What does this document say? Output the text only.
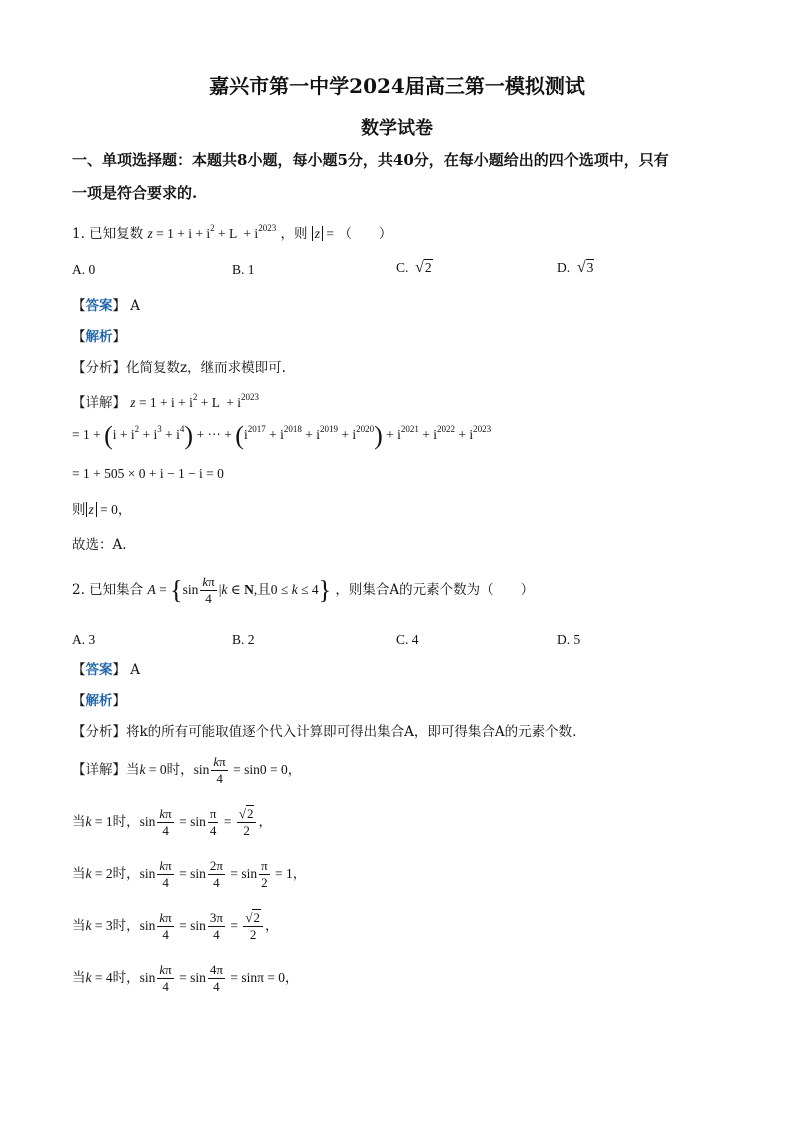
嘉兴市第一中学2024届高三第一模拟测试
数学试卷
一、单项选择题：本题共8小题，每小题5分，共40分，在每小题给出的四个选项中，只有
一项是符合要求的.
1. 已知复数 $z = 1 + i + i^2 + L + i^{2023}$ ，则 z = （　　）
A. 0	B. 1	C.  √2	D.  √3
【答案】 A
【解析】
【分析】化简复数z，继而求模即可.
【详解】 $z = 1 + i + i^2 + L + i^{2023}$
= $1 + (i + i^2 + i^3 + i^4)$ + ··· + $(i^{2017} + i^{2018} + i^{2019} + i^{2020}) + i^{2021} + i^{2022} + i^{2023}$
= 1 + 505 × 0 + i − 1 − i = 0
则 z = 0，
故选：A.
2. 已知集合 $A = \{\sin \frac{k\pi}{4} |k$ ∈ N,且0 ≤ k ≤ 4} ，则集合A的元素个数为（　　）
A. 3	B. 2	C. 4	D. 5
【答案】 A
【解析】
【分析】将k的所有可能取值逐个代入计算即可得出集合A，即可得集合A的元素个数.
【详解】当k = 0时，$\sin \frac{k\pi}{4} = \sin 0 = 0$，
当k = 1时，$\sin \frac{k\pi}{4} = \sin \frac{\pi}{4} = \frac{√2}{2}$ ，
当k = 2时，$\sin \frac{k\pi}{4} = \sin \frac{2\pi}{4} = \sin \frac{\pi}{2} = 1$，
当k = 3时，$\sin \frac{k\pi}{4} = \sin \frac{3\pi}{4} = \frac{√2}{2}$ ，
当k = 4时，$\sin \frac{k\pi}{4} = \sin \frac{4\pi}{4} = \sin\pi = 0$，
